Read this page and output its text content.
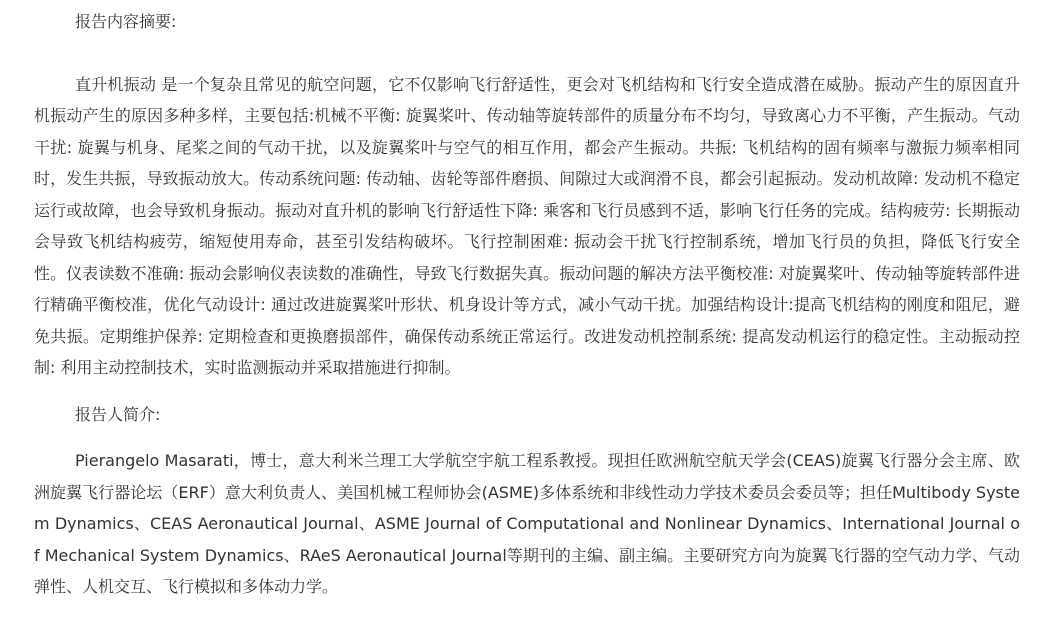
报告内容摘要:

直升机振动 是一个复杂且常见的航空问题，它不仅影响飞行舒适性，更会对飞机结构和飞行安全造成潜在威胁。振动产生的原因直升机振动产生的原因多种多样，主要包括:机械不平衡: 旋翼桨叶、传动轴等旋转部件的质量分布不均匀，导致离心力不平衡，产生振动。气动干扰: 旋翼与机身、尾桨之间的气动干扰，以及旋翼桨叶与空气的相互作用，都会产生振动。共振: 飞机结构的固有频率与激振力频率相同时，发生共振，导致振动放大。传动系统问题: 传动轴、齿轮等部件磨损、间隙过大或润滑不良，都会引起振动。发动机故障: 发动机不稳定运行或故障，也会导致机身振动。振动对直升机的影响飞行舒适性下降: 乘客和飞行员感到不适，影响飞行任务的完成。结构疲劳: 长期振动会导致飞机结构疲劳，缩短使用寿命，甚至引发结构破坏。飞行控制困难: 振动会干扰飞行控制系统，增加飞行员的负担，降低飞行安全性。仪表读数不准确: 振动会影响仪表读数的准确性，导致飞行数据失真。振动问题的解决方法平衡校准: 对旋翼桨叶、传动轴等旋转部件进行精确平衡校准，优化气动设计: 通过改进旋翼桨叶形状、机身设计等方式，减小气动干扰。加强结构设计:提高飞机结构的刚度和阻尼，避免共振。定期维护保养: 定期检查和更换磨损部件，确保传动系统正常运行。改进发动机控制系统: 提高发动机运行的稳定性。主动振动控制: 利用主动控制技术，实时监测振动并采取措施进行抑制。

报告人简介:

Pierangelo Masarati，博士，意大利米兰理工大学航空宇航工程系教授。现担任欧洲航空航天学会(CEAS)旋翼飞行器分会主席、欧洲旋翼飞行器论坛（ERF）意大利负责人、美国机械工程师协会(ASME)多体系统和非线性动力学技术委员会委员等；担任Multibody System Dynamics、CEAS Aeronautical Journal、ASME Journal of Computational and Nonlinear Dynamics、International Journal of Mechanical System Dynamics、RAeS Aeronautical Journal等期刊的主编、副主编。主要研究方向为旋翼飞行器的空气动力学、气动弹性、人机交互、飞行模拟和多体动力学。
